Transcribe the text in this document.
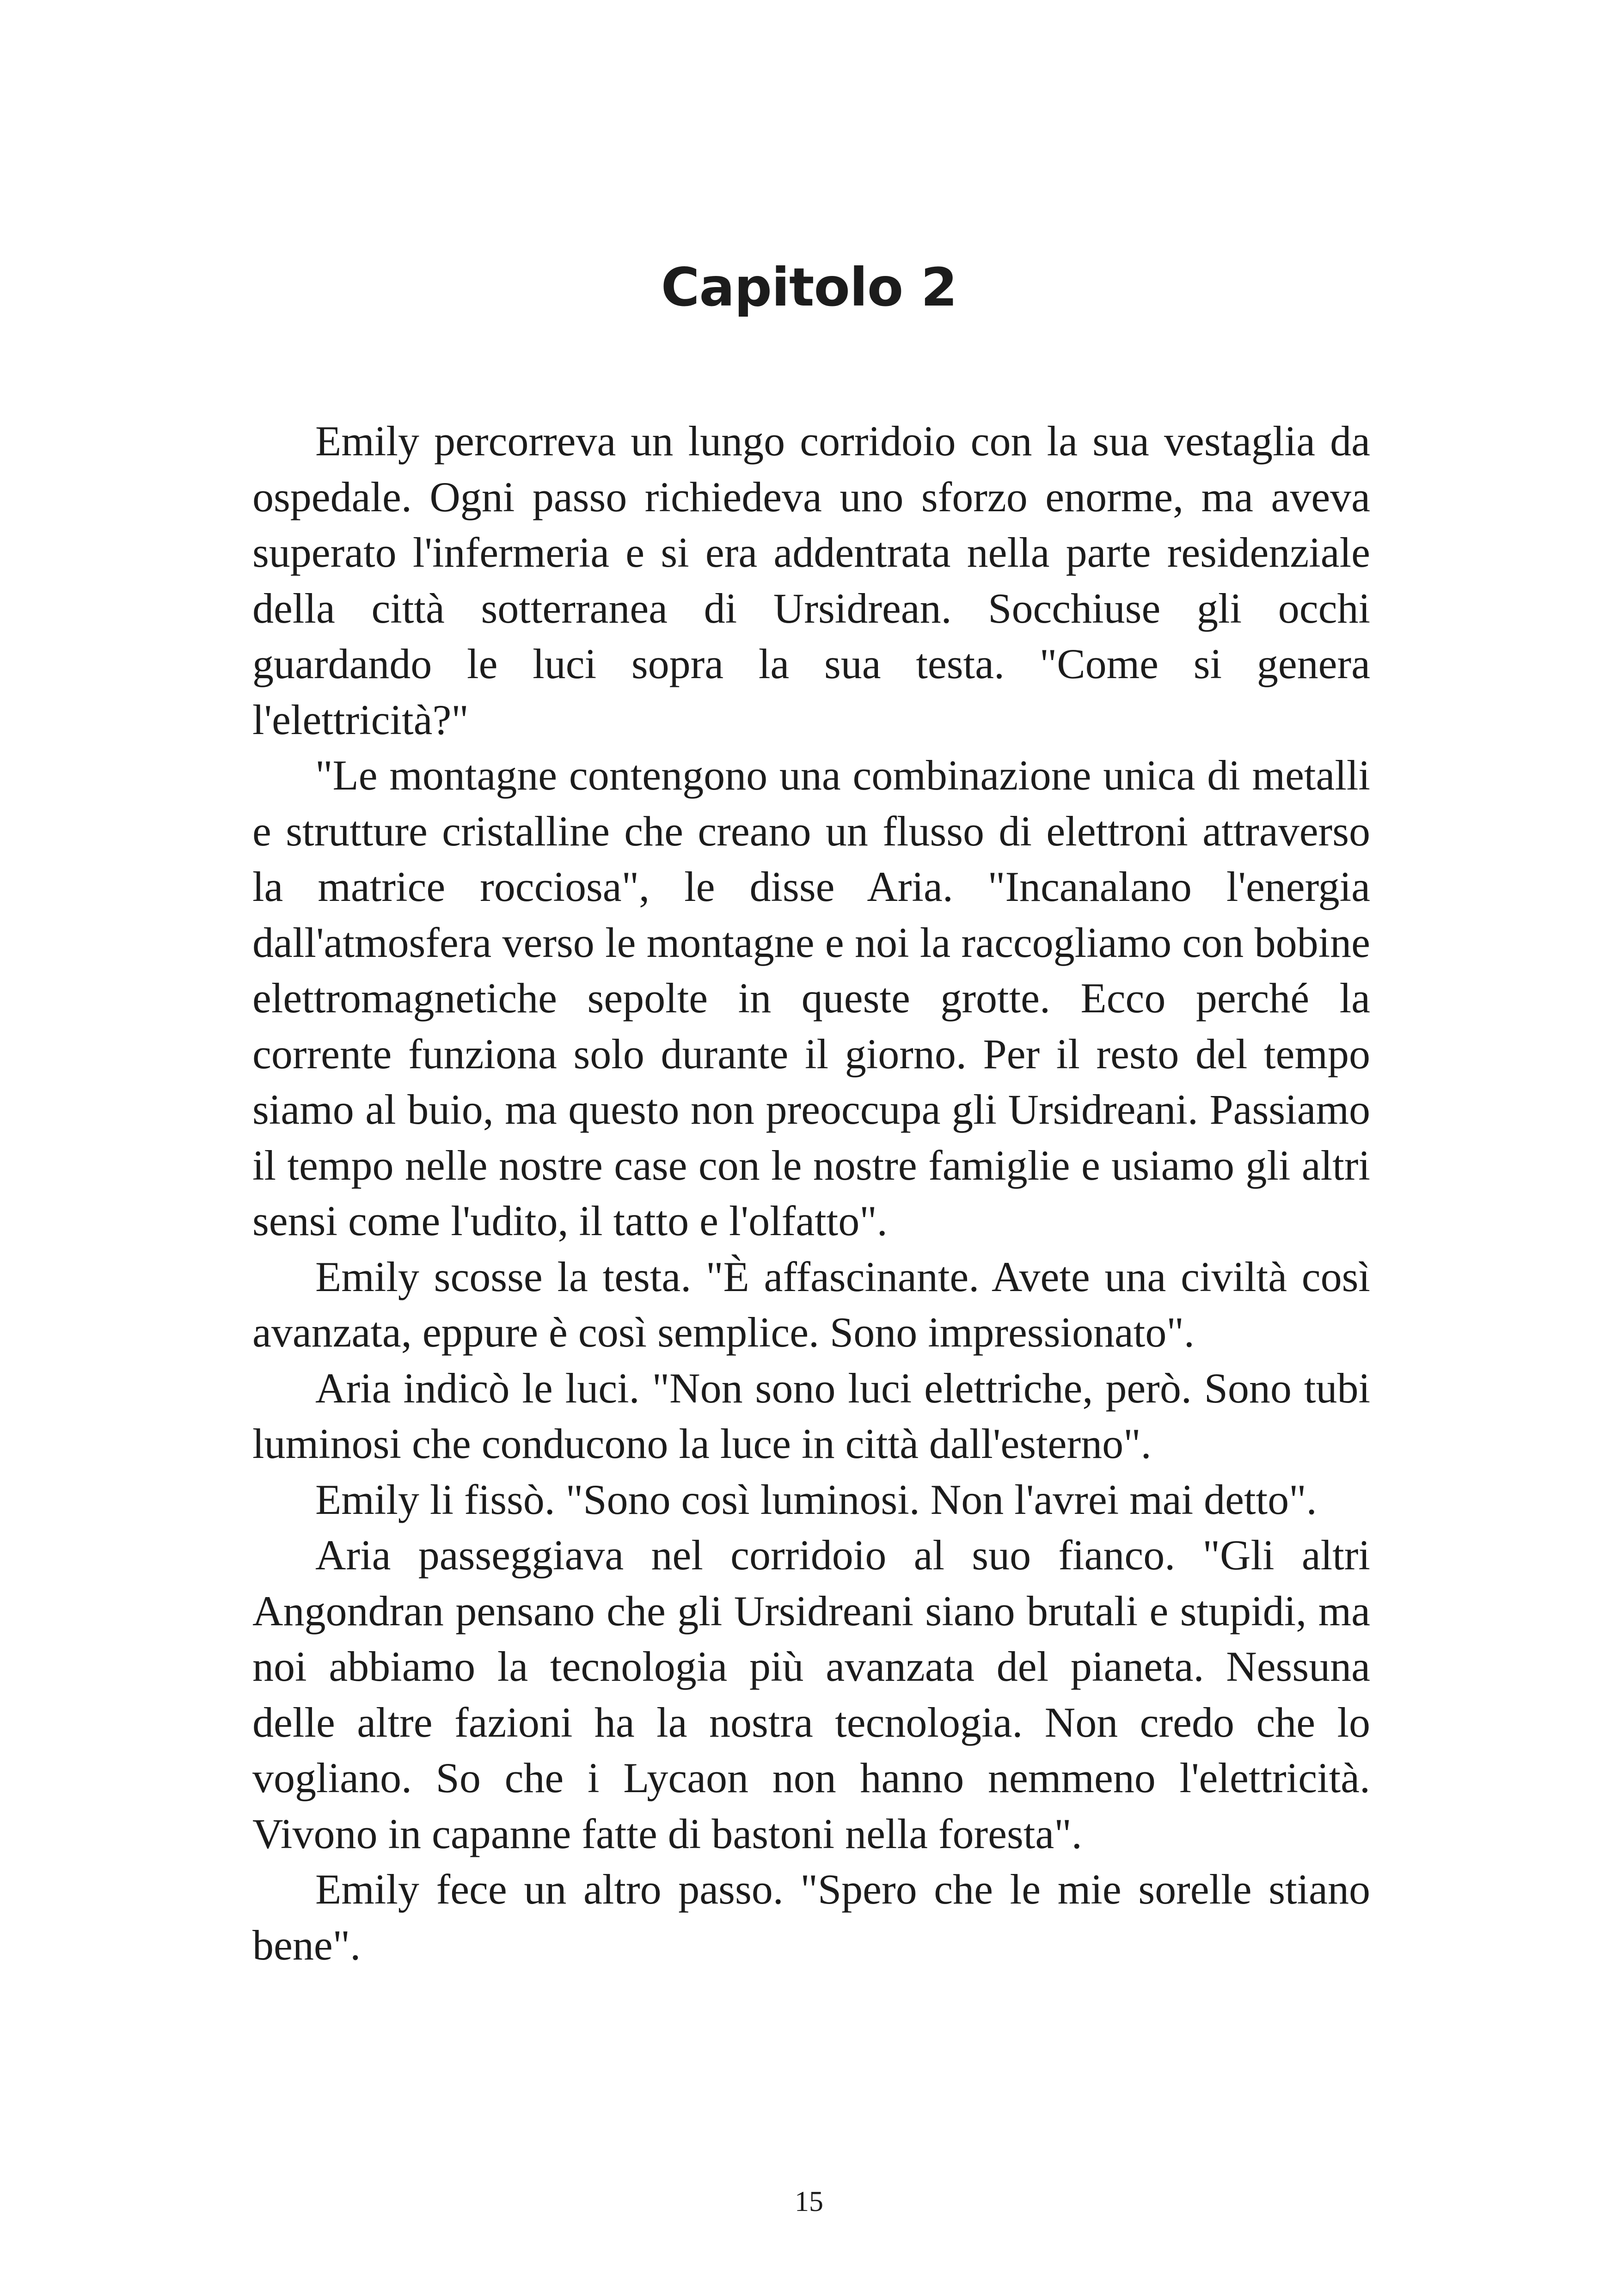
Capitolo 2

Emily percorreva un lungo corridoio con la sua vestaglia da ospedale. Ogni passo richiedeva uno sforzo enorme, ma aveva superato l'infermeria e si era addentrata nella parte residenziale della città sotterranea di Ursidrean. Socchiuse gli occhi guardando le luci sopra la sua testa. "Come si genera l'elettricità?"

"Le montagne contengono una combinazione unica di metalli e strutture cristalline che creano un flusso di elettroni attraverso la matrice rocciosa", le disse Aria. "Incanalano l'energia dall'atmosfera verso le montagne e noi la raccogliamo con bobine elettromagnetiche sepolte in queste grotte. Ecco perché la corrente funziona solo durante il giorno. Per il resto del tempo siamo al buio, ma questo non preoccupa gli Ursidreani. Passiamo il tempo nelle nostre case con le nostre famiglie e usiamo gli altri sensi come l'udito, il tatto e l'olfatto".

Emily scosse la testa. "È affascinante. Avete una civiltà così avanzata, eppure è così semplice. Sono impressionato".

Aria indicò le luci. "Non sono luci elettriche, però. Sono tubi luminosi che conducono la luce in città dall'esterno".

Emily li fissò. "Sono così luminosi. Non l'avrei mai detto".

Aria passeggiava nel corridoio al suo fianco. "Gli altri Angondran pensano che gli Ursidreani siano brutali e stupidi, ma noi abbiamo la tecnologia più avanzata del pianeta. Nessuna delle altre fazioni ha la nostra tecnologia. Non credo che lo vogliano. So che i Lycaon non hanno nemmeno l'elettricità. Vivono in capanne fatte di bastoni nella foresta".

Emily fece un altro passo. "Spero che le mie sorelle stiano bene".

15
